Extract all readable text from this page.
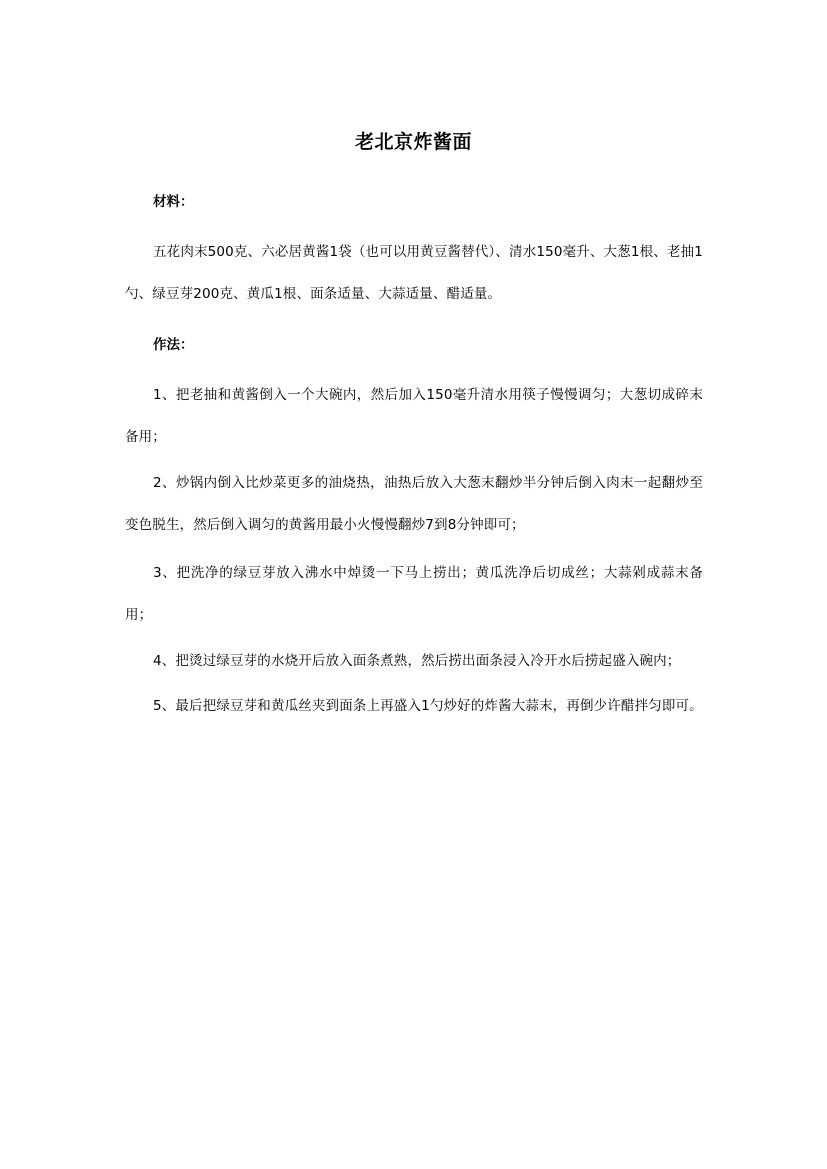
老北京炸酱面
材料：
五花肉末500克、六必居黄酱1袋（也可以用黄豆酱替代）、清水150毫升、大葱1根、老抽1勺、绿豆芽200克、黄瓜1根、面条适量、大蒜适量、醋适量。
作法：
1、把老抽和黄酱倒入一个大碗内，然后加入150毫升清水用筷子慢慢调匀；大葱切成碎末备用；
2、炒锅内倒入比炒菜更多的油烧热，油热后放入大葱末翻炒半分钟后倒入肉末一起翻炒至变色脱生，然后倒入调匀的黄酱用最小火慢慢翻炒7到8分钟即可；
3、把洗净的绿豆芽放入沸水中焯烫一下马上捞出；黄瓜洗净后切成丝；大蒜剁成蒜末备用；
4、把烫过绿豆芽的水烧开后放入面条煮熟，然后捞出面条浸入冷开水后捞起盛入碗内；
5、最后把绿豆芽和黄瓜丝夹到面条上再盛入1勺炒好的炸酱大蒜末，再倒少许醋拌匀即可。
